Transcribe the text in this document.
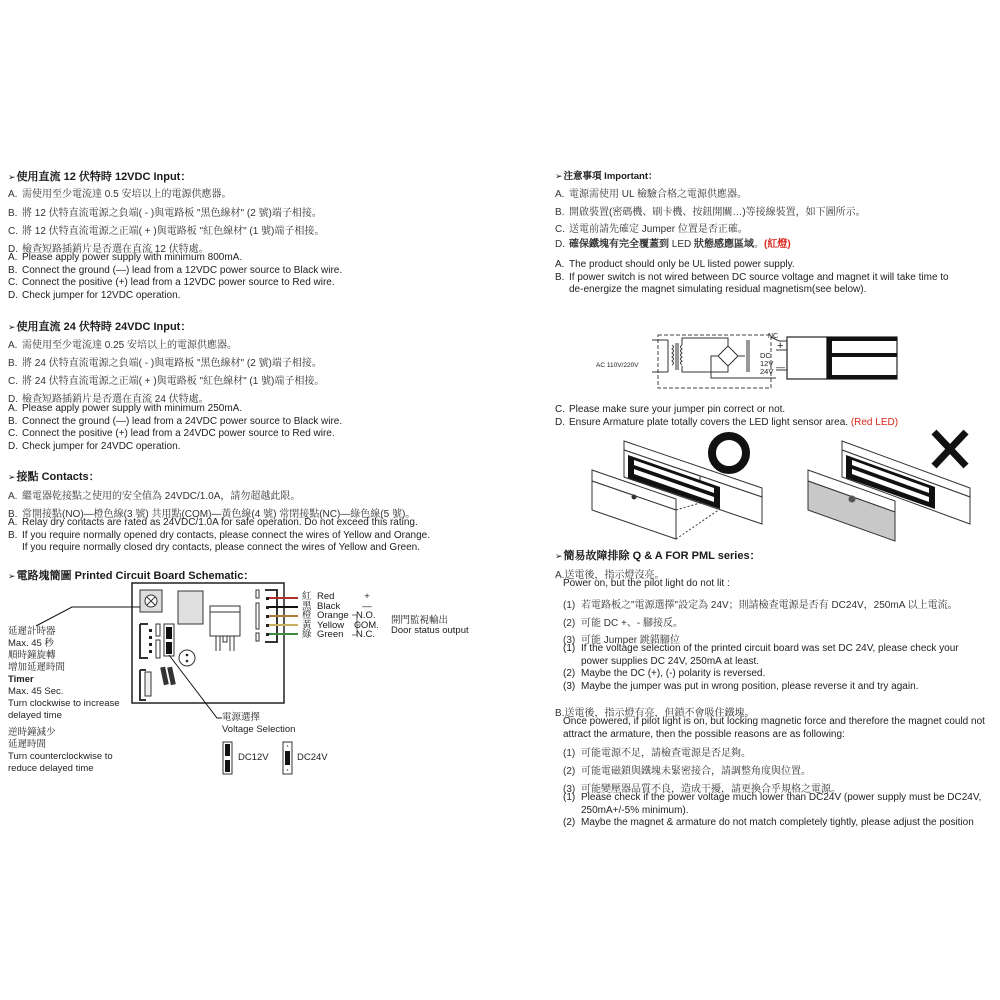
➢使用直流 12 伏特時 12VDC Input：
A. 需使用至少電流達 0.5 安培以上的電源供應器。
B. 將 12 伏特直流電源之負端( - )與電路板 "黑色線材" (2 號)端子相接。
C. 將 12 伏特直流電源之正端( + )與電路板 "紅色線材" (1 號)端子相接。
D. 檢查短路插銷片是否選在直流 12 伏特處。
A. Please apply power supply with minimum 800mA.
B. Connect the ground (—) lead from a 12VDC power source to Black wire.
C. Connect the positive (+) lead from a 12VDC power source to Red wire.
D. Check jumper for 12VDC operation.
➢使用直流 24 伏特時 24VDC Input：
A. 需使用至少電流達 0.25 安培以上的電源供應器。
B. 將 24 伏特直流電源之負端( - )與電路板 "黑色線材" (2 號)端子相接。
C. 將 24 伏特直流電源之正端( + )與電路板 "紅色線材" (1 號)端子相接。
D. 檢查短路插銷片是否選在直流 24 伏特處。
A. Please apply power supply with minimum 250mA.
B. Connect the ground (—) lead from a 24VDC power source to Black wire.
C. Connect the positive (+) lead from a 24VDC power source to Red wire.
D. Check jumper for 24VDC operation.
➢接點 Contacts：
A. 繼電器乾接點之使用的安全值為 24VDC/1.0A，請勿超越此限。
B. 常開接點(NO)—橙色線(3 號) 共用點(COM)—黃色線(4 號) 常閉接點(NC)—綠色線(5 號)。
A. Relay dry contacts are rated as 24VDC/1.0A for safe operation. Do not exceed this rating.
B. If you require normally opened dry contacts, please connect the wires of Yellow and Orange.
If you require normally closed dry contacts, please connect the wires of Yellow and Green.
➢電路塊簡圖 Printed Circuit Board Schematic：
紅
黑
橙
黃
綠
Red
Black
Orange
Yellow
Green
+
—
N.O.
COM.
N.C.
開門監視輸出
Door status output
延遲計時器
Max. 45 秒
順時鐘旋轉
增加延遲時間
Timer
Max. 45 Sec.
Turn clockwise to increase
delayed time
逆時鐘減少
延遲時間
Turn counterclockwise to
reduce delayed time
電源選擇
Voltage Selection
DC12V	DC24V
➢注意事項 Important：
A. 電源需使用 UL 檢驗合格之電源供應器。
B. 開啟裝置(密碼機、刷卡機、按鈕開關…)等接線裝置，如下圖所示。
C. 送電前請先確定 Jumper 位置是否正確。
D. 確保鐵塊有完全覆蓋到 LED 狀態感應區域。(紅燈)
A. The product should only be UL listed power supply.
B. If power switch is not wired between DC source voltage and magnet it will take time to
de-energize the magnet simulating residual magnetism(see below).
AC 110V/220V
NC
DC
12V
24V
+
—
C. Please make sure your jumper pin correct or not.
D. Ensure Armature plate totally covers the LED light sensor area. (Red LED)
➢簡易故障排除 Q & A FOR PML series：
A.送電後，指示燈沒亮。
Power on, but the pilot light do not lit :
(1) 若電路板之"電源選擇"設定為 24V；則請檢查電源是否有 DC24V，250mA 以上電流。
(2) 可能 DC +、- 腳接反。
(3) 可能 Jumper 跳錯腳位
(1) If the voltage selection of the printed circuit board was set DC 24V, please check your
power supplies DC 24V, 250mA at least.
(2) Maybe the DC (+), (-) polarity is reversed.
(3) Maybe the jumper was put in wrong position, please reverse it and try again.
B.送電後，指示燈有亮，但鎖不會吸住鐵塊。
Once powered, if pilot light is on, but locking magnetic force and therefore the magnet could not
attract the armature, then the possible reasons are as following:
(1) 可能電源不足，請檢查電源是否足夠。
(2) 可能電磁鎖與鐵塊未緊密接合，請調整角度與位置。
(3) 可能變壓器品質不良，造成干擾，請更換合乎規格之電源。
(1) Please check if the power voltage much lower than DC24V (power supply must be DC24V,
250mA+/-5% minimum).
(2) Maybe the magnet & armature do not match completely tightly, please adjust the position
